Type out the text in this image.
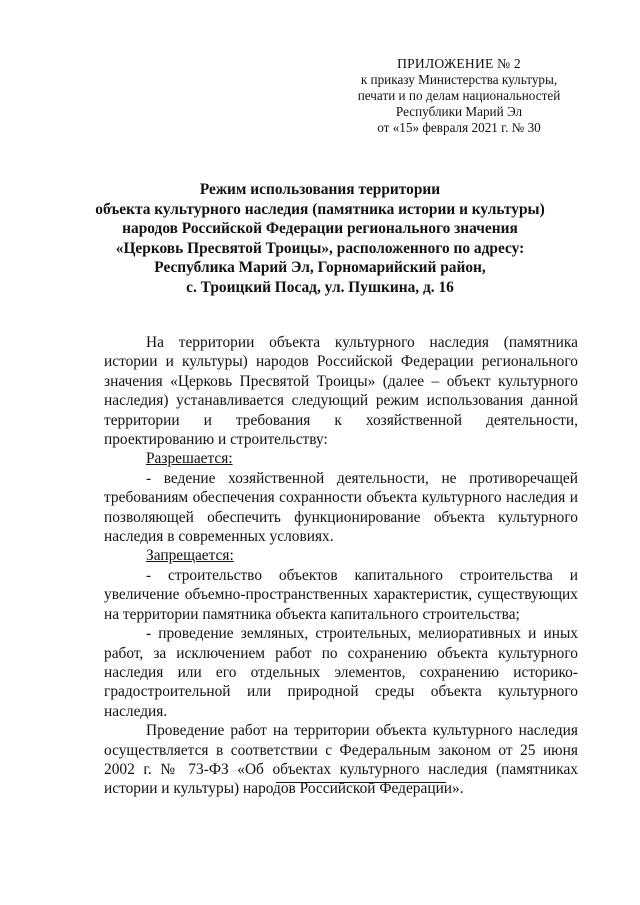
ПРИЛОЖЕНИЕ № 2
к приказу Министерства культуры,
печати и по делам национальностей
Республики Марий Эл
от «15» февраля 2021 г. № 30
Режим использования территории
объекта культурного наследия (памятника истории и культуры)
народов Российской Федерации регионального значения
«Церковь Пресвятой Троицы», расположенного по адресу:
Республика Марий Эл, Горномарийский район,
с. Троицкий Посад, ул. Пушкина, д. 16

На территории объекта культурного наследия (памятника истории и культуры) народов Российской Федерации регионального значения «Церковь Пресвятой Троицы» (далее – объект культурного наследия) устанавливается следующий режим использования данной территории и требования к хозяйственной деятельности, проектированию и строительству:

Разрешается:

- ведение хозяйственной деятельности, не противоречащей требованиям обеспечения сохранности объекта культурного наследия и позволяющей обеспечить функционирование объекта культурного наследия в современных условиях.

Запрещается:

- строительство объектов капитального строительства и увеличение объемно-пространственных характеристик, существующих на территории памятника объекта капитального строительства;

- проведение земляных, строительных, мелиоративных и иных работ, за исключением работ по сохранению объекта культурного наследия или его отдельных элементов, сохранению историко-градостроительной или природной среды объекта культурного наследия.

Проведение работ на территории объекта культурного наследия осуществляется в соответствии с Федеральным законом от 25 июня 2002 г. № 73-ФЗ «Об объектах культурного наследия (памятниках истории и культуры) народов Российской Федерации».
